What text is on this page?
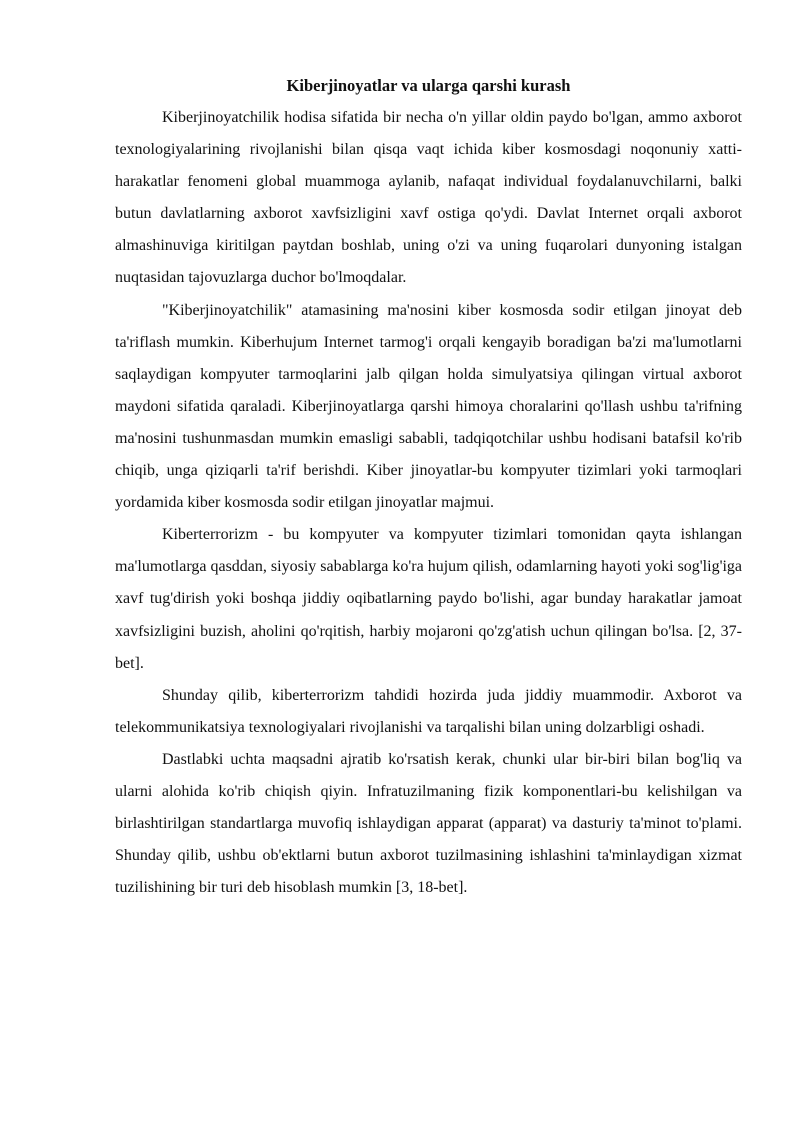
Kiberjinoyatlar va ularga qarshi kurash

Kiberjinoyatchilik hodisa sifatida bir necha o'n yillar oldin paydo bo'lgan, ammo axborot texnologiyalarining rivojlanishi bilan qisqa vaqt ichida kiber kosmosdagi noqonuniy xatti-harakatlar fenomeni global muammoga aylanib, nafaqat individual foydalanuvchilarni, balki butun davlatlarning axborot xavfsizligini xavf ostiga qo'ydi. Davlat Internet orqali axborot almashinuviga kiritilgan paytdan boshlab, uning o'zi va uning fuqarolari dunyoning istalgan nuqtasidan tajovuzlarga duchor bo'lmoqdalar.

"Kiberjinoyatchilik" atamasining ma'nosini kiber kosmosda sodir etilgan jinoyat deb ta'riflash mumkin. Kiberhujum Internet tarmog'i orqali kengayib boradigan ba'zi ma'lumotlarni saqlaydigan kompyuter tarmoqlarini jalb qilgan holda simulyatsiya qilingan virtual axborot maydoni sifatida qaraladi. Kiberjinoyatlarga qarshi himoya choralarini qo'llash ushbu ta'rifning ma'nosini tushunmasdan mumkin emasligi sababli, tadqiqotchilar ushbu hodisani batafsil ko'rib chiqib, unga qiziqarli ta'rif berishdi. Kiber jinoyatlar-bu kompyuter tizimlari yoki tarmoqlari yordamida kiber kosmosda sodir etilgan jinoyatlar majmui.

Kiberterrorizm - bu kompyuter va kompyuter tizimlari tomonidan qayta ishlangan ma'lumotlarga qasddan, siyosiy sabablarga ko'ra hujum qilish, odamlarning hayoti yoki sog'lig'iga xavf tug'dirish yoki boshqa jiddiy oqibatlarning paydo bo'lishi, agar bunday harakatlar jamoat xavfsizligini buzish, aholini qo'rqitish, harbiy mojaroni qo'zg'atish uchun qilingan bo'lsa. [2, 37-bet].

Shunday qilib, kiberterrorizm tahdidi hozirda juda jiddiy muammodir. Axborot va telekommunikatsiya texnologiyalari rivojlanishi va tarqalishi bilan uning dolzarbligi oshadi.

Dastlabki uchta maqsadni ajratib ko'rsatish kerak, chunki ular bir-biri bilan bog'liq va ularni alohida ko'rib chiqish qiyin. Infratuzilmaning fizik komponentlari-bu kelishilgan va birlashtirilgan standartlarga muvofiq ishlaydigan apparat (apparat) va dasturiy ta'minot to'plami. Shunday qilib, ushbu ob'ektlarni butun axborot tuzilmasining ishlashini ta'minlaydigan xizmat tuzilishining bir turi deb hisoblash mumkin [3, 18-bet].
